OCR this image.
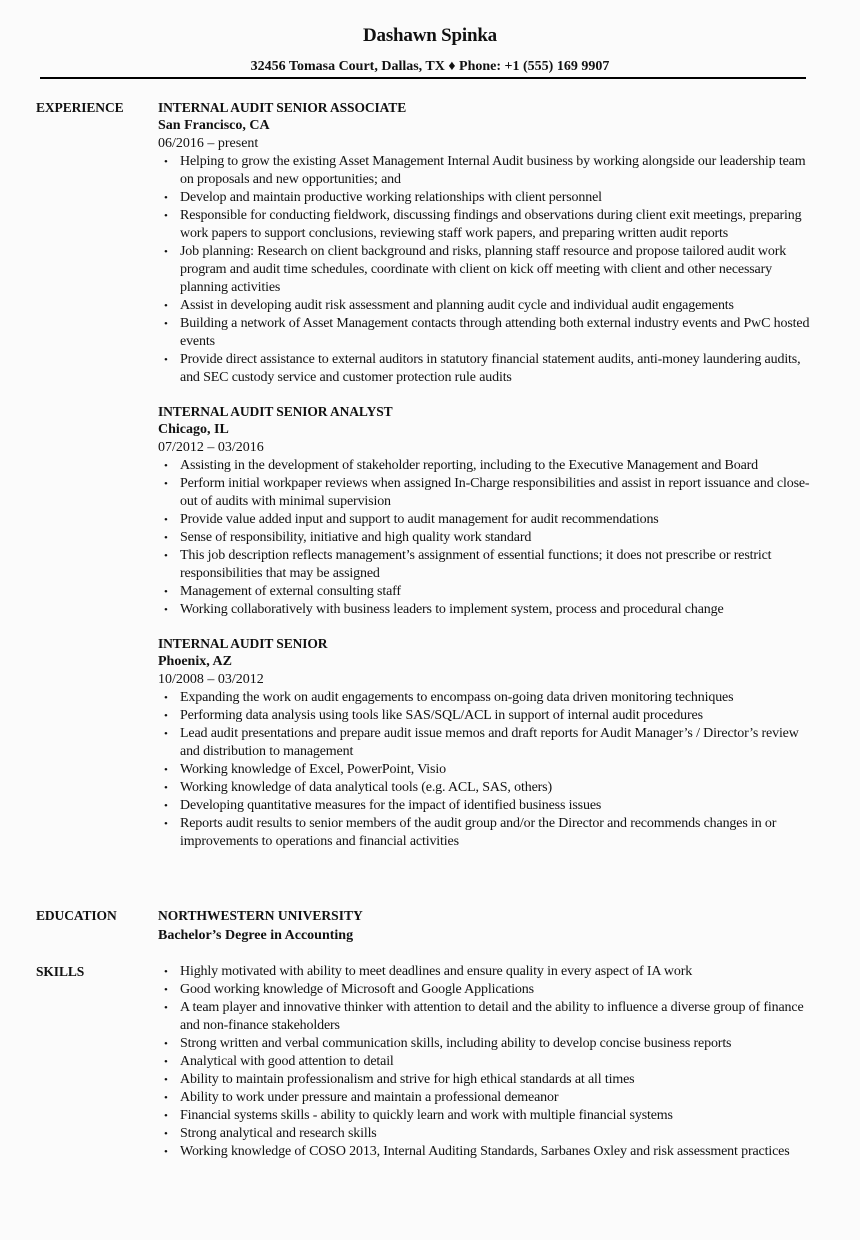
Dashawn Spinka
32456 Tomasa Court, Dallas, TX ♦ Phone: +1 (555) 169 9907
EXPERIENCE	INTERNAL AUDIT SENIOR ASSOCIATE
San Francisco, CA
06/2016 – present
• Helping to grow the existing Asset Management Internal Audit business by working alongside our leadership team on proposals and new opportunities; and
• Develop and maintain productive working relationships with client personnel
• Responsible for conducting fieldwork, discussing findings and observations during client exit meetings, preparing work papers to support conclusions, reviewing staff work papers, and preparing written audit reports
• Job planning: Research on client background and risks, planning staff resource and propose tailored audit work program and audit time schedules, coordinate with client on kick off meeting with client and other necessary planning activities
• Assist in developing audit risk assessment and planning audit cycle and individual audit engagements
• Building a network of Asset Management contacts through attending both external industry events and PwC hosted events
• Provide direct assistance to external auditors in statutory financial statement audits, anti-money laundering audits, and SEC custody service and customer protection rule audits
INTERNAL AUDIT SENIOR ANALYST
Chicago, IL
07/2012 – 03/2016
• Assisting in the development of stakeholder reporting, including to the Executive Management and Board
• Perform initial workpaper reviews when assigned In-Charge responsibilities and assist in report issuance and close-out of audits with minimal supervision
• Provide value added input and support to audit management for audit recommendations
• Sense of responsibility, initiative and high quality work standard
• This job description reflects management’s assignment of essential functions; it does not prescribe or restrict responsibilities that may be assigned
• Management of external consulting staff
• Working collaboratively with business leaders to implement system, process and procedural change
INTERNAL AUDIT SENIOR
Phoenix, AZ
10/2008 – 03/2012
• Expanding the work on audit engagements to encompass on-going data driven monitoring techniques
• Performing data analysis using tools like SAS/SQL/ACL in support of internal audit procedures
• Lead audit presentations and prepare audit issue memos and draft reports for Audit Manager’s / Director’s review and distribution to management
• Working knowledge of Excel, PowerPoint, Visio
• Working knowledge of data analytical tools (e.g. ACL, SAS, others)
• Developing quantitative measures for the impact of identified business issues
• Reports audit results to senior members of the audit group and/or the Director and recommends changes in or improvements to operations and financial activities
EDUCATION	NORTHWESTERN UNIVERSITY
Bachelor’s Degree in Accounting
SKILLS	• Highly motivated with ability to meet deadlines and ensure quality in every aspect of IA work
• Good working knowledge of Microsoft and Google Applications
• A team player and innovative thinker with attention to detail and the ability to influence a diverse group of finance and non-finance stakeholders
• Strong written and verbal communication skills, including ability to develop concise business reports
• Analytical with good attention to detail
• Ability to maintain professionalism and strive for high ethical standards at all times
• Ability to work under pressure and maintain a professional demeanor
• Financial systems skills - ability to quickly learn and work with multiple financial systems
• Strong analytical and research skills
• Working knowledge of COSO 2013, Internal Auditing Standards, Sarbanes Oxley and risk assessment practices
